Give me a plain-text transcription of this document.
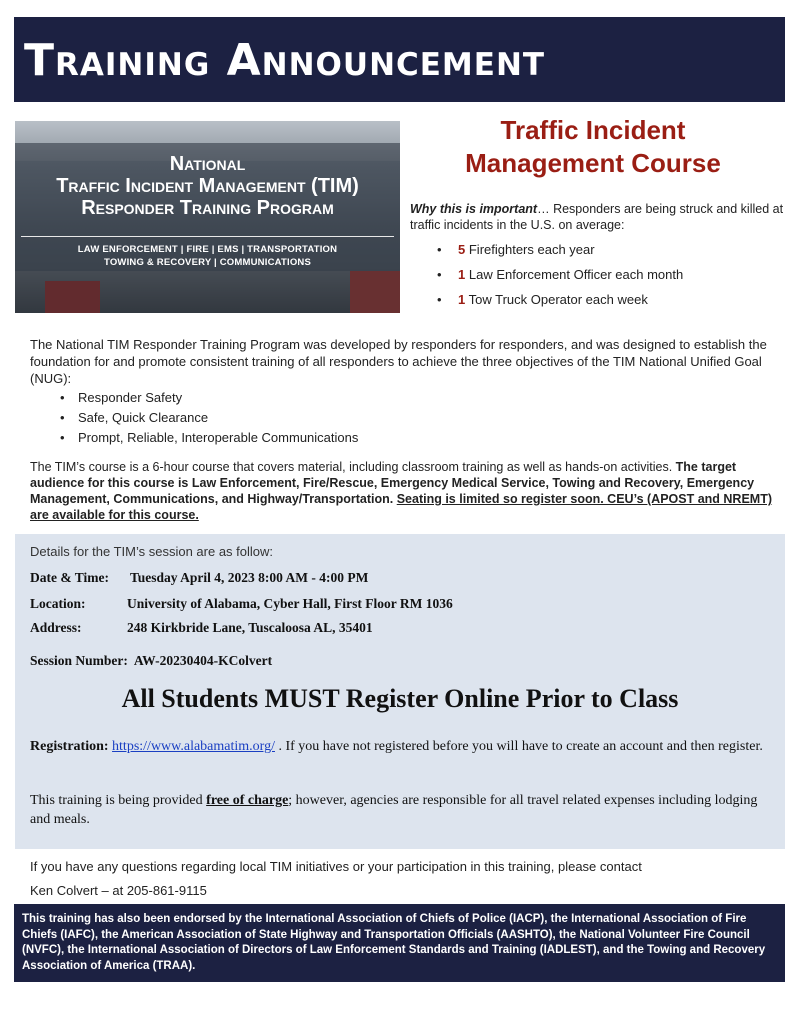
Training Announcement
National
Traffic Incident Management (TIM)
Responder Training Program
LAW ENFORCEMENT | FIRE | EMS | TRANSPORTATION
TOWING & RECOVERY | COMMUNICATIONS
Traffic Incident
Management Course
Why this is important… Responders are being struck and killed at traffic incidents in the U.S. on average:
• 5 Firefighters each year
• 1 Law Enforcement Officer each month
• 1 Tow Truck Operator each week
The National TIM Responder Training Program was developed by responders for responders, and was designed to establish the foundation for and promote consistent training of all responders to achieve the three objectives of the TIM National Unified Goal (NUG):
• Responder Safety
• Safe, Quick Clearance
• Prompt, Reliable, Interoperable Communications
The TIM’s course is a 6-hour course that covers material, including classroom training as well as hands-on activities. The target audience for this course is Law Enforcement, Fire/Rescue, Emergency Medical Service, Towing and Recovery, Emergency Management, Communications, and Highway/Transportation. Seating is limited so register soon. CEU’s (APOST and NREMT) are available for this course.
Details for the TIM’s session are as follow:
Date & Time: Tuesday April 4, 2023 8:00 AM - 4:00 PM
Location:	University of Alabama, Cyber Hall, First Floor RM 1036
Address:	248 Kirkbride Lane, Tuscaloosa AL, 35401
Session Number: AW-20230404-KColvert
All Students MUST Register Online Prior to Class
Registration: https://www.alabamatim.org/ . If you have not registered before you will have to create an account and then register.
This training is being provided free of charge; however, agencies are responsible for all travel related expenses including lodging and meals.
If you have any questions regarding local TIM initiatives or your participation in this training, please contact
Ken Colvert – at 205-861-9115

This training has also been endorsed by the International Association of Chiefs of Police (IACP), the International Association of Fire Chiefs (IAFC), the American Association of State Highway and Transportation Officials (AASHTO), the National Volunteer Fire Council (NVFC), the International Association of Directors of Law Enforcement Standards and Training (IADLEST), and the Towing and Recovery Association of America (TRAA).
